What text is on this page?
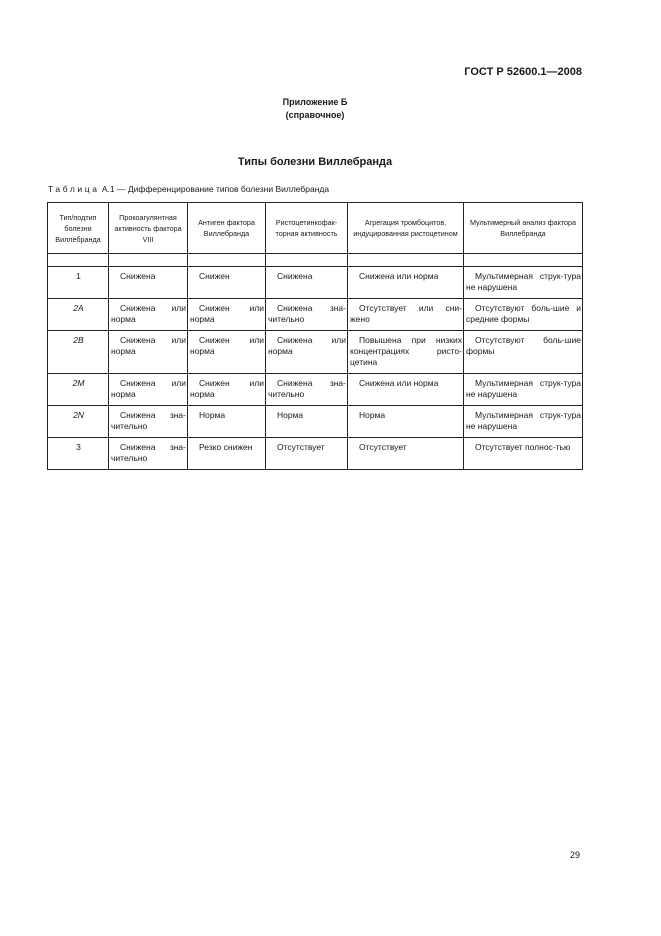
ГОСТ Р 52600.1—2008
Приложение Б
(справочное)
Типы болезни Виллебранда
Таблица А.1 — Дифференцирование типов болезни Виллебранда
Тип/подтип болезни Виллебранда	Прокоагулянтная активность фактора VIII	Антиген фактора Виллебранда	Ристоцетинкофак-торная активность	Агрегация тромбоцитов, индуцированная ристоцетином	Мультимерный анализ фактора Виллебранда

1	Снижена	Снижен	Снижена	Снижена или норма	Мультимерная струк-тура не нарушена

2A	Снижена или норма	Снижен или норма	Снижена зна-чительно	Отсутствует или сни-жено	Отсутствуют боль-шие и средние формы

2B	Снижена или норма	Снижен или норма	Снижена или норма	Повышена при низких концентрациях ристо-цетина	Отсутствуют боль-шие формы

2M	Снижена или норма	Снижен или норма	Снижена зна-чительно	Снижена или норма	Мультимерная струк-тура не нарушена

2N	Снижена зна-чительно	Норма	Норма	Норма	Мультимерная струк-тура не нарушена

3	Снижена зна-чительно	Резко снижен	Отсутствует	Отсутствует	Отсутствует полнос-тью
29
